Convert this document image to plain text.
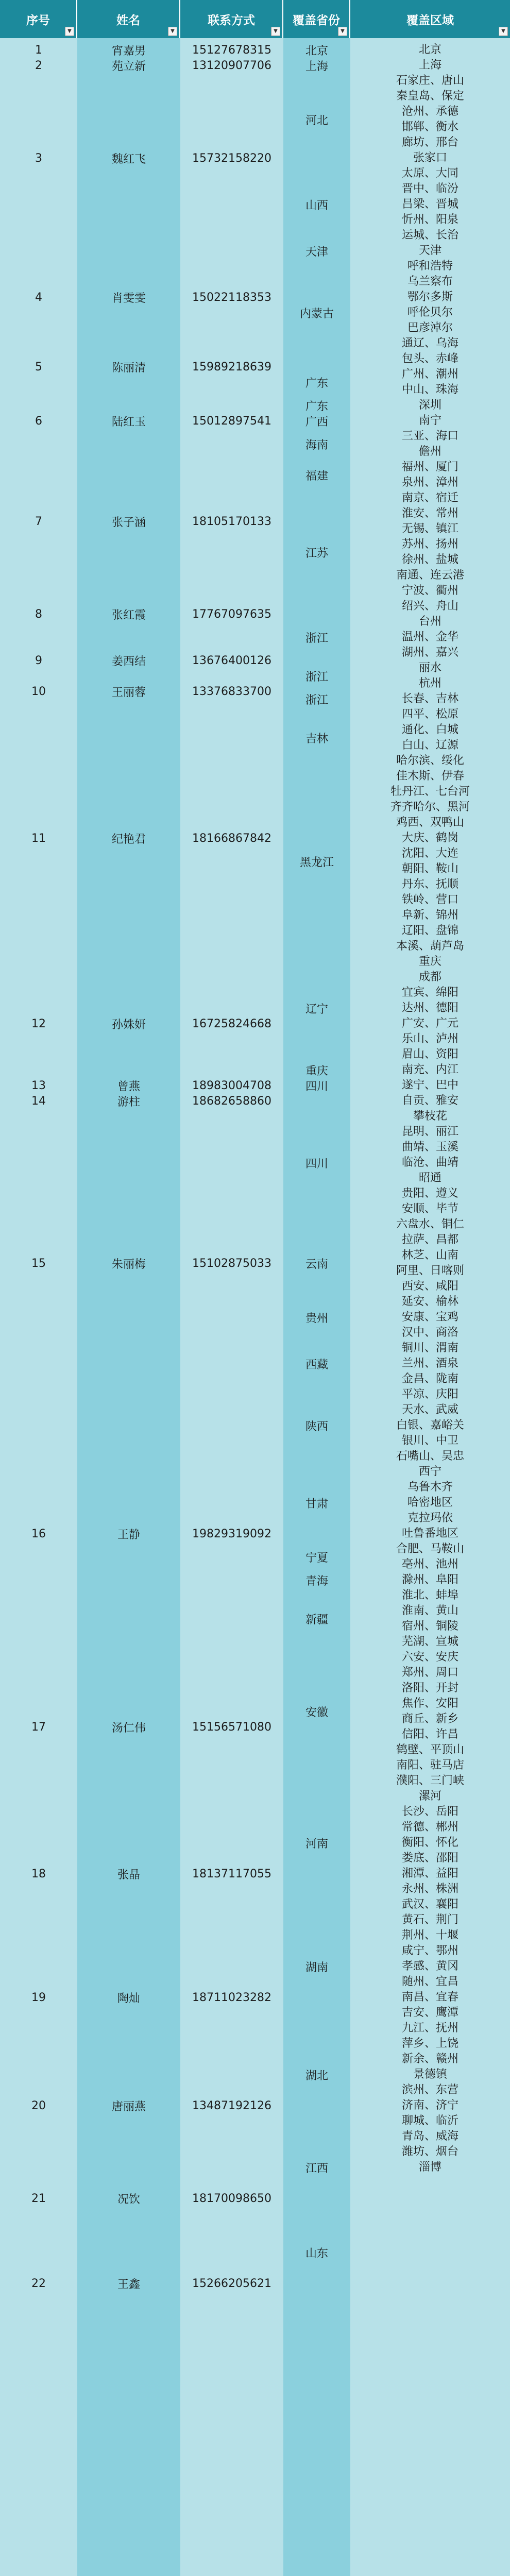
序号
▼
姓名
▼
联系方式
▼
覆盖省份
▼
覆盖区域
▼
1
2
3
4
5
6
7
8
9
10
11
12
13
14
15
16
17
18
19
20
21
22
宵嘉男
苑立新
魏红飞
肖雯雯
陈丽清
陆红玉
张子涵
张红霞
姜西结
王丽蓉
纪艳君
孙姝妍
曾燕
游柱
朱丽梅
王静
汤仁伟
张晶
陶灿
唐丽燕
况饮
王鑫
15127678315
13120907706
15732158220
15022118353
15989218639
15012897541
18105170133
17767097635
13676400126
13376833700
18166867842
16725824668
18983004708
18682658860
15102875033
19829319092
15156571080
18137117055
18711023282
13487192126
18170098650
15266205621
北京
上海
河北
山西
天津
内蒙古
广东
广东
广西
海南
福建
江苏
浙江
浙江
浙江
吉林
黑龙江
辽宁
重庆
四川
四川
云南
贵州
西藏
陕西
甘肃
宁夏
青海
新疆
安徽
河南
湖南
湖北
江西
山东
北京
上海
石家庄、唐山
秦皇岛、保定
沧州、承德
邯郸、衡水
廊坊、邢台
张家口
太原、大同
晋中、临汾
吕梁、晋城
忻州、阳泉
运城、长治
天津
呼和浩特
乌兰察布
鄂尔多斯
呼伦贝尔
巴彦淖尔
通辽、乌海
包头、赤峰
广州、潮州
中山、珠海
深圳
南宁
三亚、海口
儋州
福州、厦门
泉州、漳州
南京、宿迁
淮安、常州
无锡、镇江
苏州、扬州
徐州、盐城
南通、连云港
宁波、衢州
绍兴、舟山
台州
温州、金华
湖州、嘉兴
丽水
杭州
长春、吉林
四平、松原
通化、白城
白山、辽源
哈尔滨、绥化
佳木斯、伊春
牡丹江、七台河
齐齐哈尔、黑河
鸡西、双鸭山
大庆、鹤岗
沈阳、大连
朝阳、鞍山
丹东、抚顺
铁岭、营口
阜新、锦州
辽阳、盘锦
本溪、葫芦岛
重庆
成都
宜宾、绵阳
达州、德阳
广安、广元
乐山、泸州
眉山、资阳
南充、内江
遂宁、巴中
自贡、雅安
攀枝花
昆明、丽江
曲靖、玉溪
临沧、曲靖
昭通
贵阳、遵义
安顺、毕节
六盘水、铜仁
拉萨、昌都
林芝、山南
阿里、日喀则
西安、咸阳
延安、榆林
安康、宝鸡
汉中、商洛
铜川、渭南
兰州、酒泉
金昌、陇南
平凉、庆阳
天水、武威
白银、嘉峪关
银川、中卫
石嘴山、吴忠
西宁
乌鲁木齐
哈密地区
克拉玛依
吐鲁番地区
合肥、马鞍山
亳州、池州
滁州、阜阳
淮北、蚌埠
淮南、黄山
宿州、铜陵
芜湖、宣城
六安、安庆
郑州、周口
洛阳、开封
焦作、安阳
商丘、新乡
信阳、许昌
鹤壁、平顶山
南阳、驻马店
濮阳、三门峡
漯河
长沙、岳阳
常德、郴州
衡阳、怀化
娄底、邵阳
湘潭、益阳
永州、株洲
武汉、襄阳
黄石、荆门
荆州、十堰
咸宁、鄂州
孝感、黄冈
随州、宜昌
南昌、宜春
吉安、鹰潭
九江、抚州
萍乡、上饶
新余、赣州
景德镇
滨州、东营
济南、济宁
聊城、临沂
青岛、威海
潍坊、烟台
淄博
